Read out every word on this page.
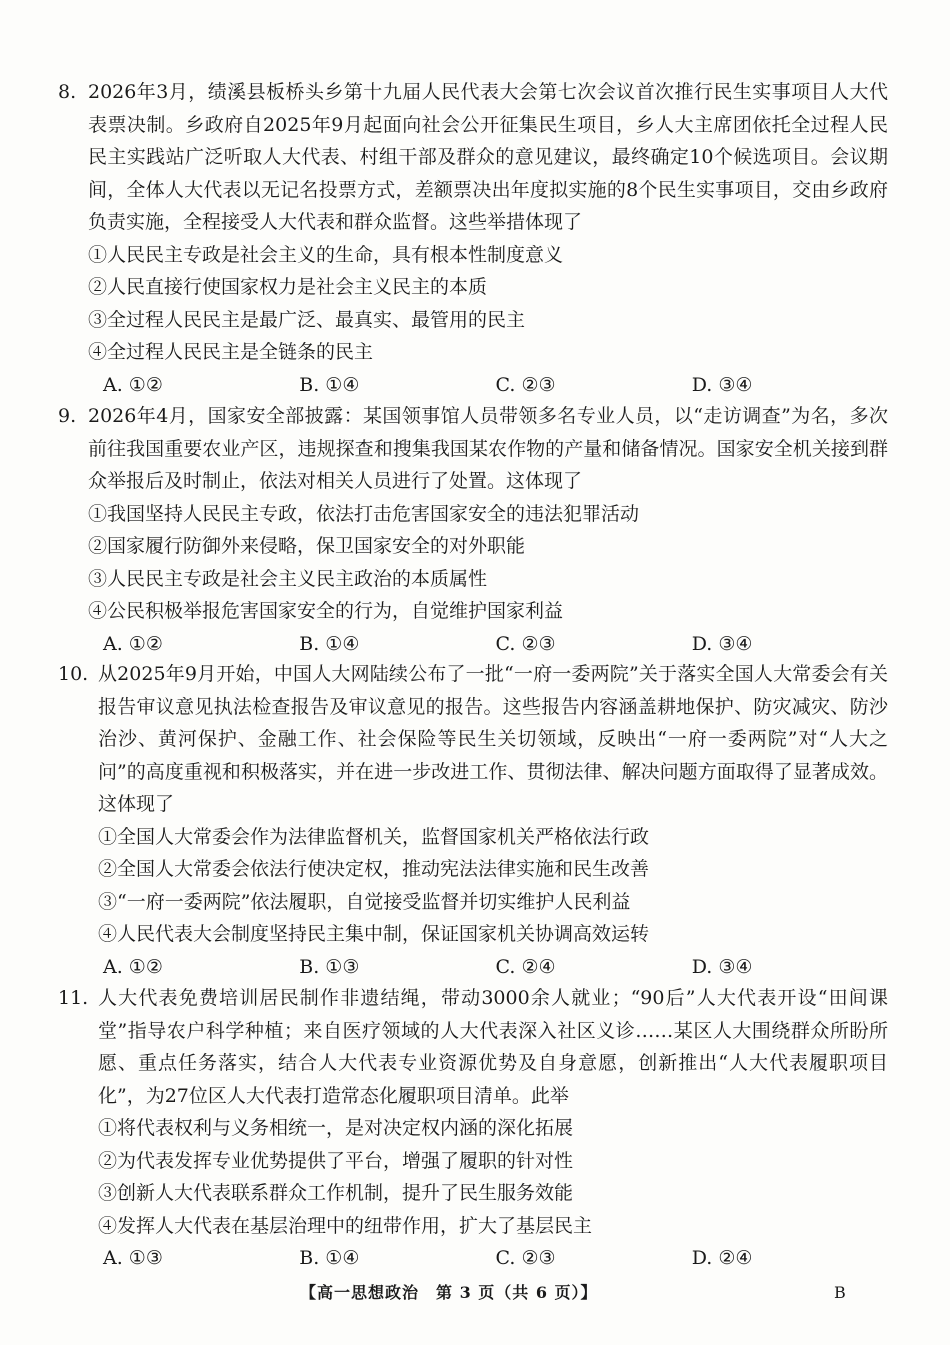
8. 2026年3月，绩溪县板桥头乡第十九届人民代表大会第七次会议首次推行民生实事项目人大代表票决制。乡政府自2025年9月起面向社会公开征集民生项目，乡人大主席团依托全过程人民民主实践站广泛听取人大代表、村组干部及群众的意见建议，最终确定10个候选项目。会议期间，全体人大代表以无记名投票方式，差额票决出年度拟实施的8个民生实事项目，交由乡政府负责实施，全程接受人大代表和群众监督。这些举措体现了
①人民民主专政是社会主义的生命，具有根本性制度意义
②人民直接行使国家权力是社会主义民主的本质
③全过程人民民主是最广泛、最真实、最管用的民主
④全过程人民民主是全链条的民主
A. ①②	B. ①④	C. ②③	D. ③④
9. 2026年4月，国家安全部披露：某国领事馆人员带领多名专业人员，以“走访调查”为名，多次前往我国重要农业产区，违规探查和搜集我国某农作物的产量和储备情况。国家安全机关接到群众举报后及时制止，依法对相关人员进行了处置。这体现了
①我国坚持人民民主专政，依法打击危害国家安全的违法犯罪活动
②国家履行防御外来侵略，保卫国家安全的对外职能
③人民民主专政是社会主义民主政治的本质属性
④公民积极举报危害国家安全的行为，自觉维护国家利益
A. ①②	B. ①④	C. ②③	D. ③④
10. 从2025年9月开始，中国人大网陆续公布了一批“一府一委两院”关于落实全国人大常委会有关报告审议意见执法检查报告及审议意见的报告。这些报告内容涵盖耕地保护、防灾减灾、防沙治沙、黄河保护、金融工作、社会保险等民生关切领域，反映出“一府一委两院”对“人大之问”的高度重视和积极落实，并在进一步改进工作、贯彻法律、解决问题方面取得了显著成效。这体现了
①全国人大常委会作为法律监督机关，监督国家机关严格依法行政
②全国人大常委会依法行使决定权，推动宪法法律实施和民生改善
③“一府一委两院”依法履职，自觉接受监督并切实维护人民利益
④人民代表大会制度坚持民主集中制，保证国家机关协调高效运转
A. ①②	B. ①③	C. ②④	D. ③④
11. 人大代表免费培训居民制作非遗结绳，带动3000余人就业；“90后”人大代表开设“田间课堂”指导农户科学种植；来自医疗领域的人大代表深入社区义诊……某区人大围绕群众所盼所愿、重点任务落实，结合人大代表专业资源优势及自身意愿，创新推出“人大代表履职项目化”，为27位区人大代表打造常态化履职项目清单。此举
①将代表权利与义务相统一，是对决定权内涵的深化拓展
②为代表发挥专业优势提供了平台，增强了履职的针对性
③创新人大代表联系群众工作机制，提升了民生服务效能
④发挥人大代表在基层治理中的纽带作用，扩大了基层民主
A. ①③	B. ①④	C. ②③	D. ②④
【高一思想政治　第 3 页（共 6 页）】	B
